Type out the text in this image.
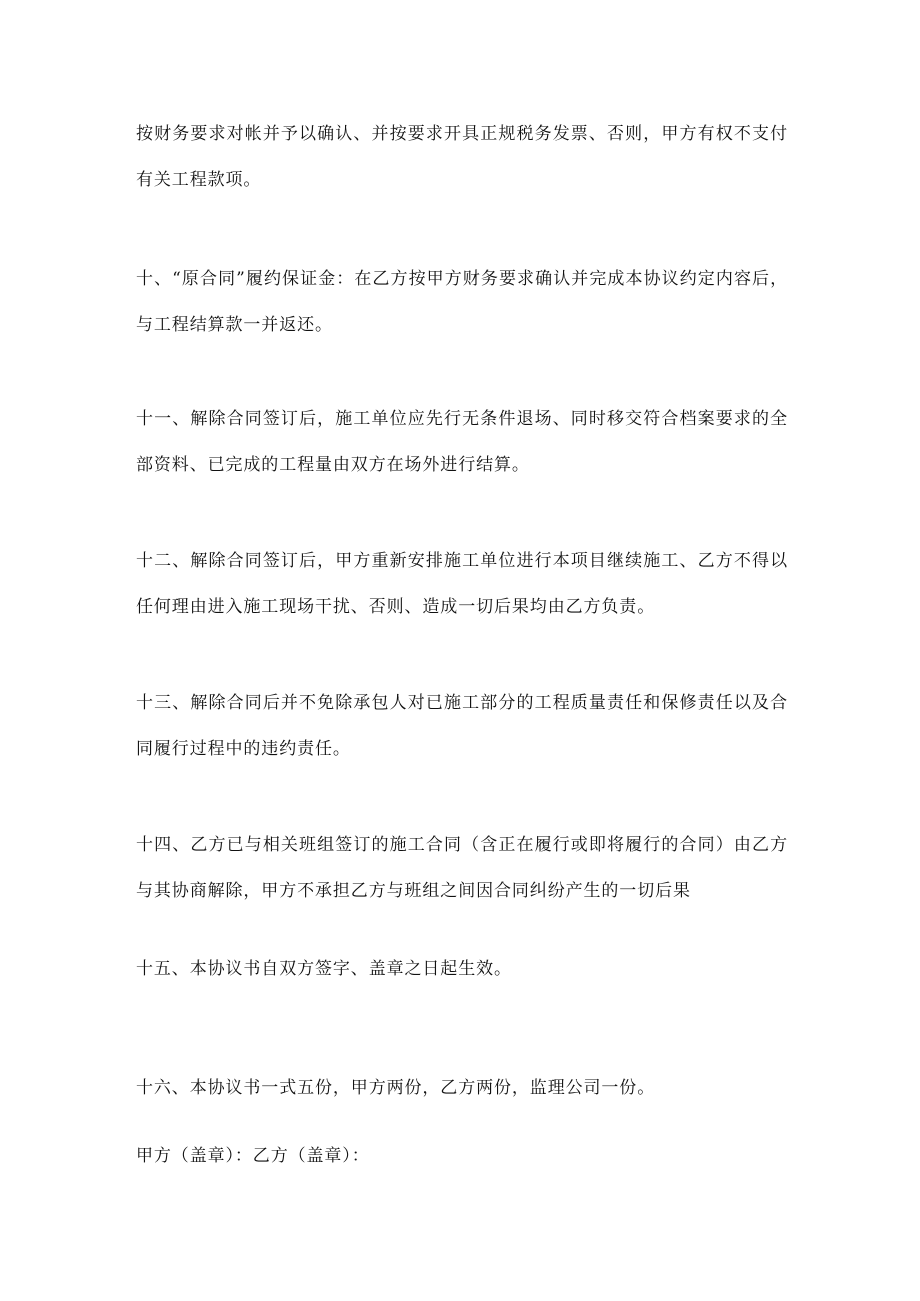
按财务要求对帐并予以确认、并按要求开具正规税务发票、否则，甲方有权不支付有关工程款项。

十、“原合同”履约保证金：在乙方按甲方财务要求确认并完成本协议约定内容后，与工程结算款一并返还。

十一、解除合同签订后，施工单位应先行无条件退场、同时移交符合档案要求的全部资料、已完成的工程量由双方在场外进行结算。

十二、解除合同签订后，甲方重新安排施工单位进行本项目继续施工、乙方不得以任何理由进入施工现场干扰、否则、造成一切后果均由乙方负责。

十三、解除合同后并不免除承包人对已施工部分的工程质量责任和保修责任以及合同履行过程中的违约责任。

十四、乙方已与相关班组签订的施工合同（含正在履行或即将履行的合同）由乙方与其协商解除，甲方不承担乙方与班组之间因合同纠纷产生的一切后果

十五、本协议书自双方签字、盖章之日起生效。

十六、本协议书一式五份，甲方两份，乙方两份，监理公司一份。

甲方（盖章）：乙方（盖章）：
